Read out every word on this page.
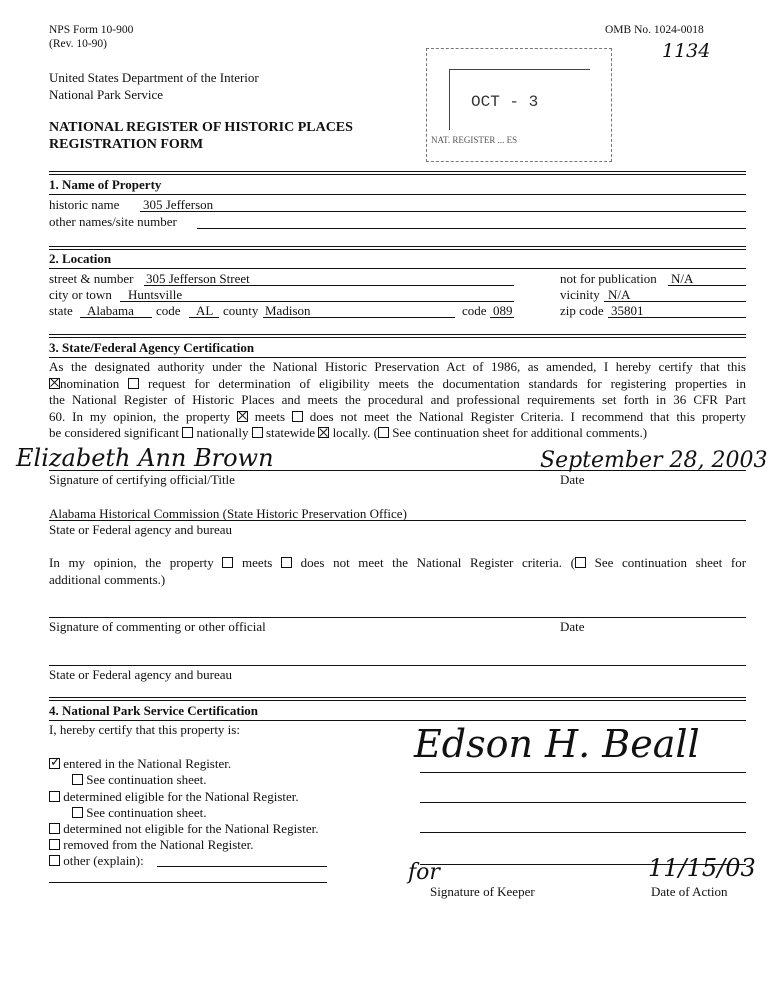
NPS Form 10-900
(Rev. 10-90)
OMB No. 1024-0018
1134
United States Department of the Interior
National Park Service
NATIONAL REGISTER OF HISTORIC PLACES
REGISTRATION FORM
OCT - 3
NAT. REGISTER ... ES
1. Name of Property
historic name 305 Jefferson
other names/site number
2. Location
street & number 305 Jefferson Street	not for publication N/A
city or town Huntsville	vicinity N/A
state Alabama code AL county Madison	code 089	zip code 35801
3. State/Federal Agency Certification
As the designated authority under the National Historic Preservation Act of 1986, as amended, I hereby certify that this
nomination request for determination of eligibility meets the documentation standards for registering properties in
the National Register of Historic Places and meets the procedural and professional requirements set forth in 36 CFR Part
60. In my opinion, the property meets does not meet the National Register Criteria. I recommend that this property
be considered significant nationally statewide locally. ( See continuation sheet for additional comments.)
Elizabeth Ann Brown	September 28, 2003
Signature of certifying official/Title	Date
Alabama Historical Commission (State Historic Preservation Office)
State or Federal agency and bureau
In my opinion, the property meets does not meet the National Register criteria. ( See continuation sheet for
additional comments.)
Signature of commenting or other official	Date
State or Federal agency and bureau
4. National Park Service Certification
I, hereby certify that this property is:
✓ entered in the National Register.
See continuation sheet.
determined eligible for the National Register.
See continuation sheet.
determined not eligible for the National Register.
removed from the National Register.
other (explain):
Edson H. Beall
for	11/15/03
Signature of Keeper	Date of Action
